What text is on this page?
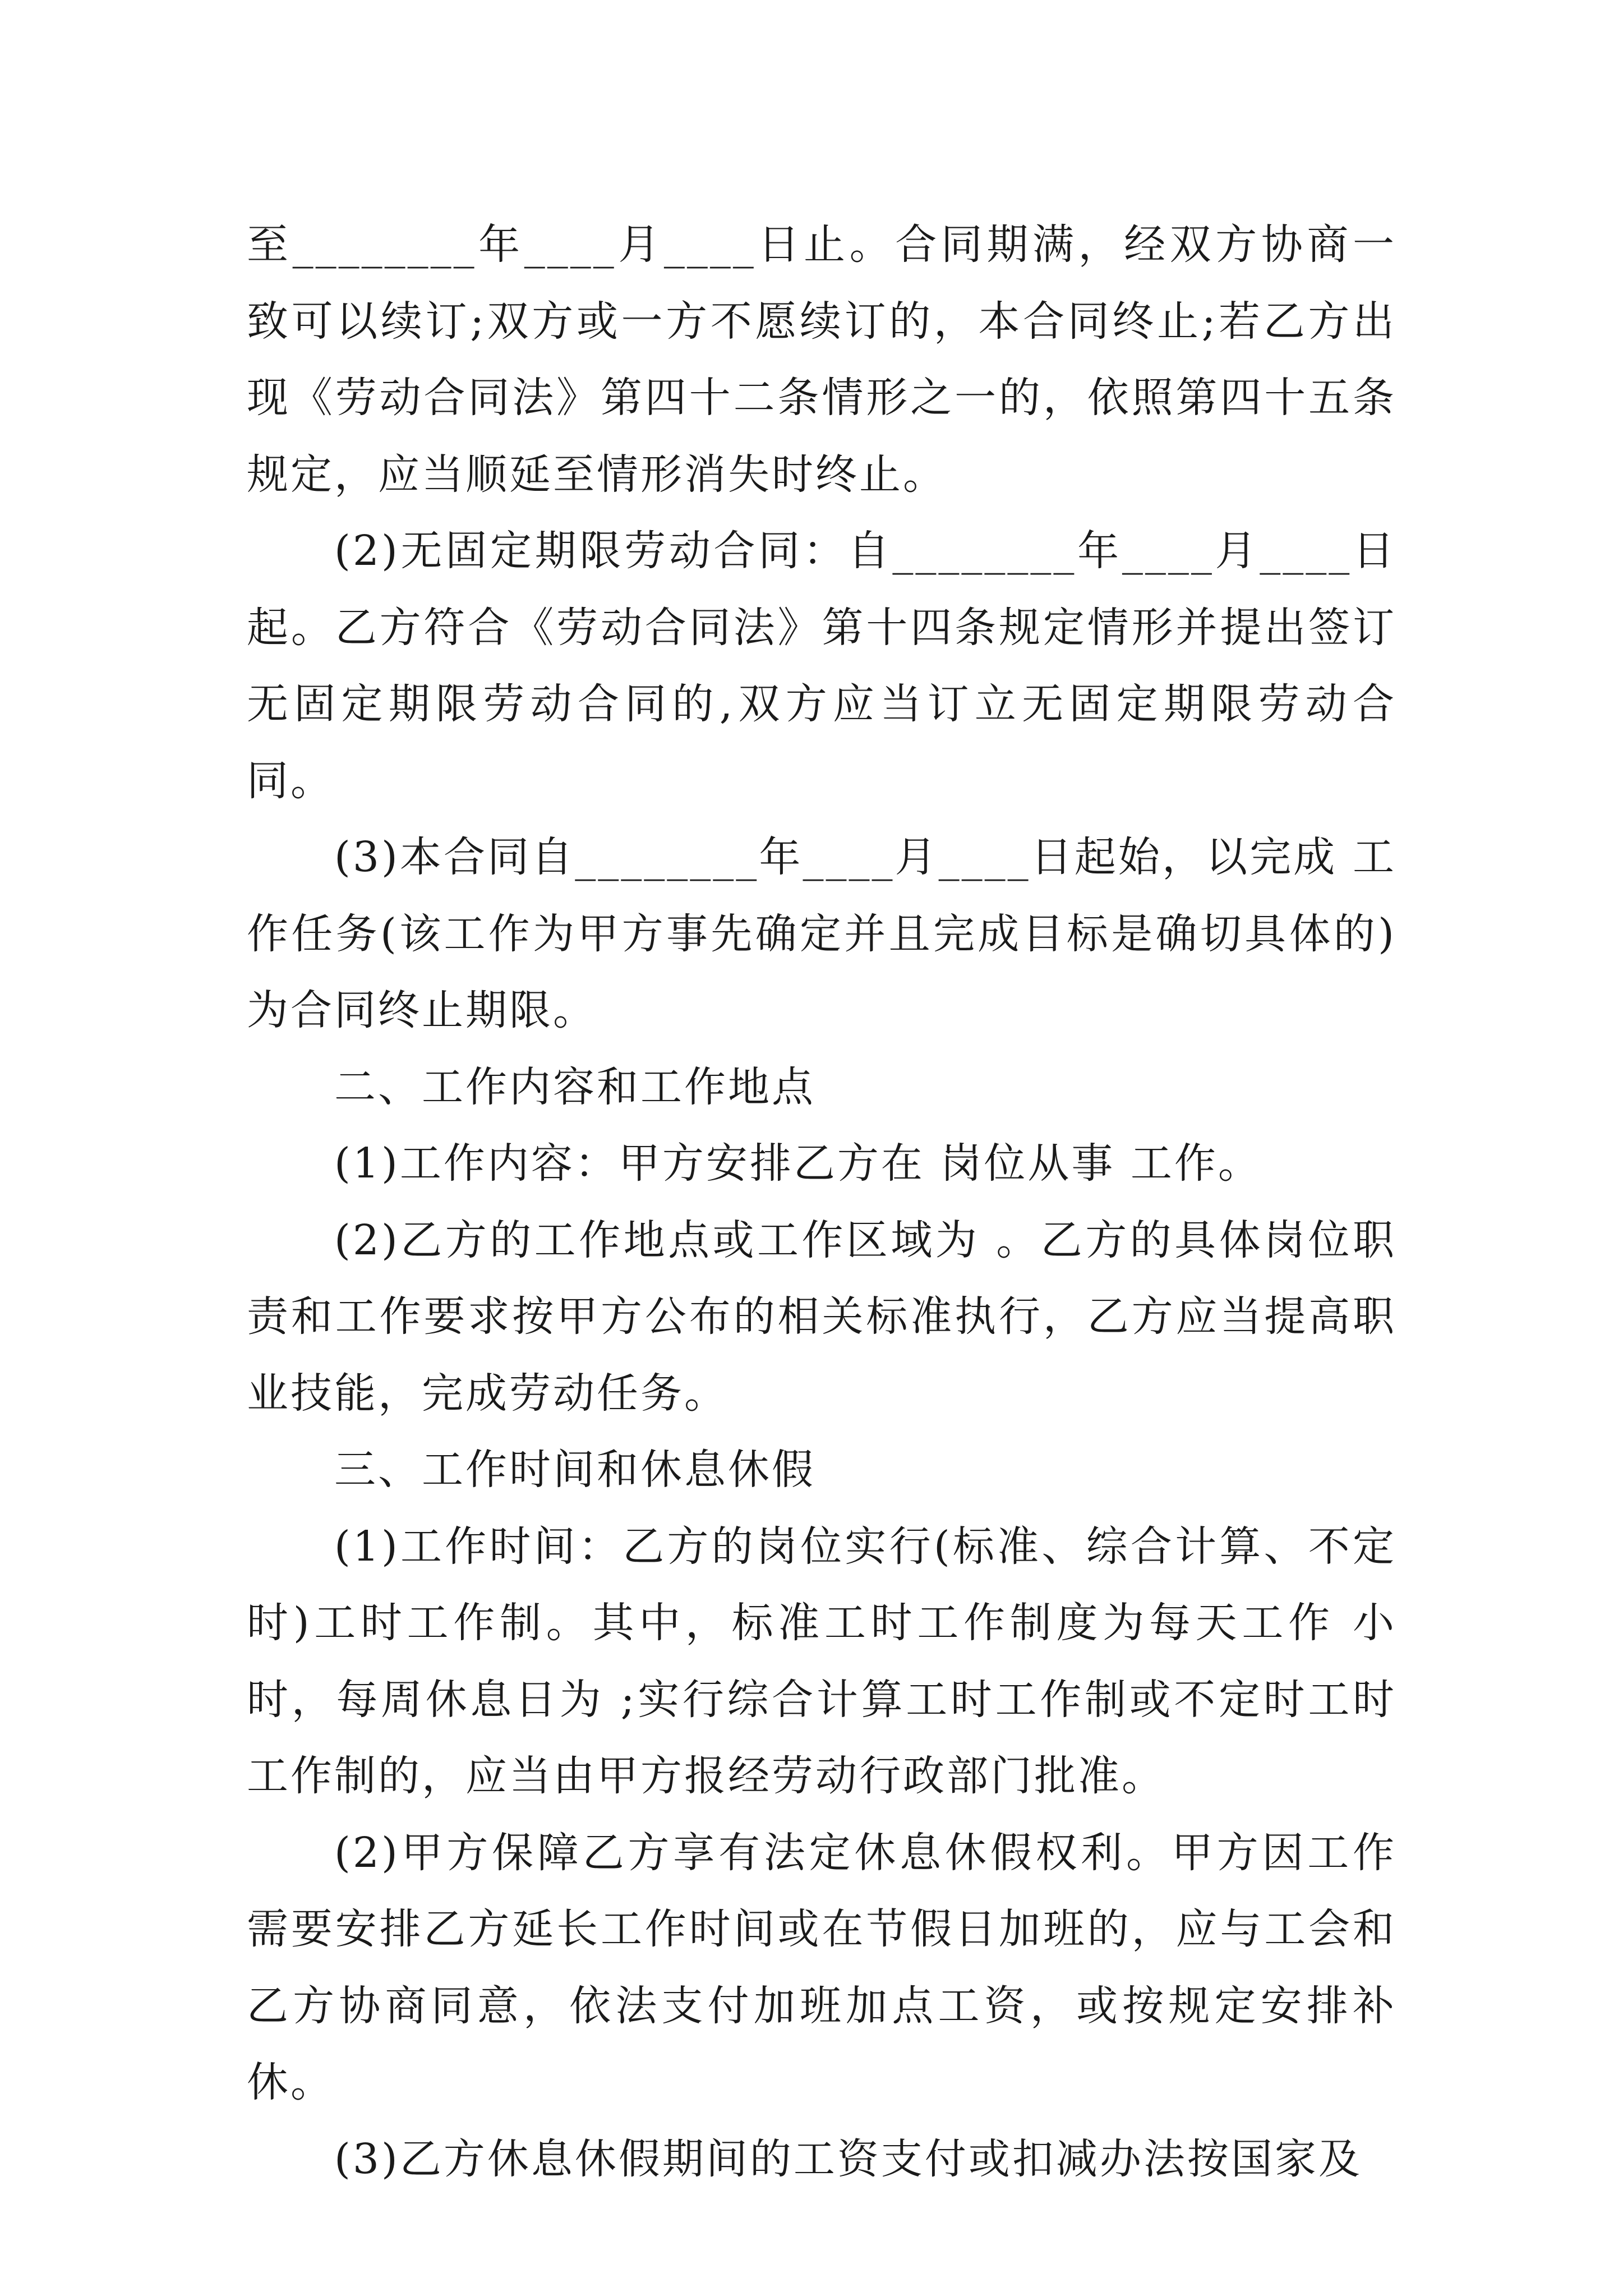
至________年____月____日止。合同期满，经双方协商一致可以续订;双方或一方不愿续订的，本合同终止;若乙方出现《劳动合同法》第四十二条情形之一的，依照第四十五条规定，应当顺延至情形消失时终止。

(2)无固定期限劳动合同：自________年____月____日起。乙方符合《劳动合同法》第十四条规定情形并提出签订无固定期限劳动合同的,双方应当订立无固定期限劳动合同。

(3)本合同自________年____月____日起始，以完成 工作任务(该工作为甲方事先确定并且完成目标是确切具体的)为合同终止期限。

二、工作内容和工作地点

(1)工作内容：甲方安排乙方在 岗位从事 工作。

(2)乙方的工作地点或工作区域为 。乙方的具体岗位职责和工作要求按甲方公布的相关标准执行，乙方应当提高职业技能，完成劳动任务。

三、工作时间和休息休假

(1)工作时间：乙方的岗位实行(标准、综合计算、不定时)工时工作制。其中，标准工时工作制度为每天工作 小时，每周休息日为 ;实行综合计算工时工作制或不定时工时工作制的，应当由甲方报经劳动行政部门批准。

(2)甲方保障乙方享有法定休息休假权利。甲方因工作需要安排乙方延长工作时间或在节假日加班的，应与工会和乙方协商同意，依法支付加班加点工资，或按规定安排补休。

(3)乙方休息休假期间的工资支付或扣减办法按国家及
